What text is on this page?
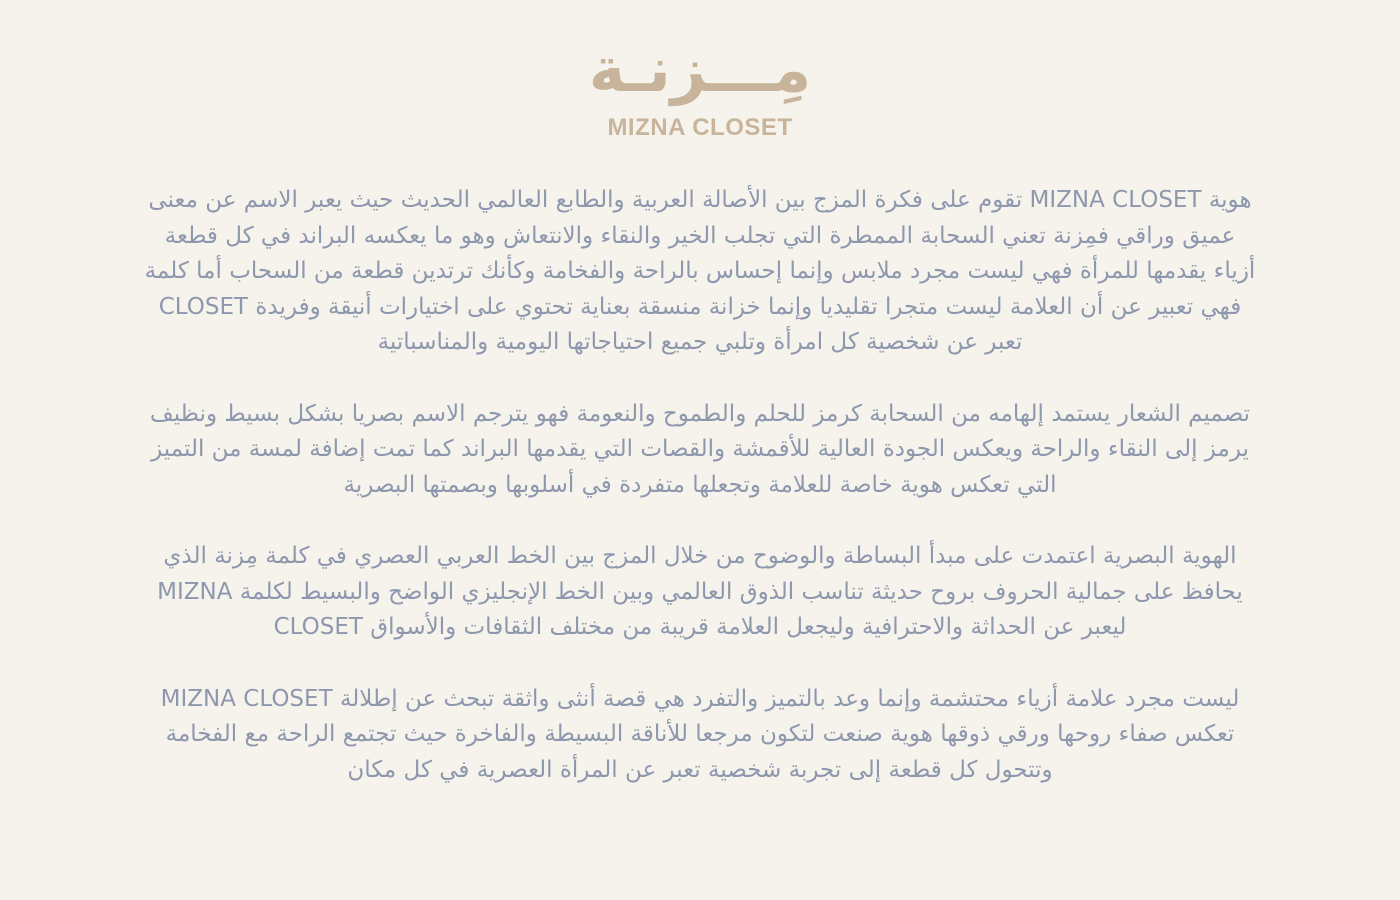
مِـــزنـة
MIZNA CLOSET
هوية MIZNA CLOSET تقوم على فكرة المزج بين الأصالة العربية والطابع العالمي الحديث حيث يعبر الاسم عن معنى
عميق وراقي فمِزنة تعني السحابة الممطرة التي تجلب الخير والنقاء والانتعاش وهو ما يعكسه البراند في كل قطعة
أزياء يقدمها للمرأة فهي ليست مجرد ملابس وإنما إحساس بالراحة والفخامة وكأنك ترتدين قطعة من السحاب أما كلمة
CLOSET فهي تعبير عن أن العلامة ليست متجرا تقليديا وإنما خزانة منسقة بعناية تحتوي على اختيارات أنيقة وفريدة
تعبر عن شخصية كل امرأة وتلبي جميع احتياجاتها اليومية والمناسباتية
تصميم الشعار يستمد إلهامه من السحابة كرمز للحلم والطموح والنعومة فهو يترجم الاسم بصريا بشكل بسيط ونظيف
يرمز إلى النقاء والراحة ويعكس الجودة العالية للأقمشة والقصات التي يقدمها البراند كما تمت إضافة لمسة من التميز
التي تعكس هوية خاصة للعلامة وتجعلها متفردة في أسلوبها وبصمتها البصرية
الهوية البصرية اعتمدت على مبدأ البساطة والوضوح من خلال المزج بين الخط العربي العصري في كلمة مِزنة الذي
يحافظ على جمالية الحروف بروح حديثة تناسب الذوق العالمي وبين الخط الإنجليزي الواضح والبسيط لكلمة MIZNA
CLOSET ليعبر عن الحداثة والاحترافية وليجعل العلامة قريبة من مختلف الثقافات والأسواق
MIZNA CLOSET ليست مجرد علامة أزياء محتشمة وإنما وعد بالتميز والتفرد هي قصة أنثى واثقة تبحث عن إطلالة
تعكس صفاء روحها ورقي ذوقها هوية صنعت لتكون مرجعا للأناقة البسيطة والفاخرة حيث تجتمع الراحة مع الفخامة
وتتحول كل قطعة إلى تجربة شخصية تعبر عن المرأة العصرية في كل مكان
